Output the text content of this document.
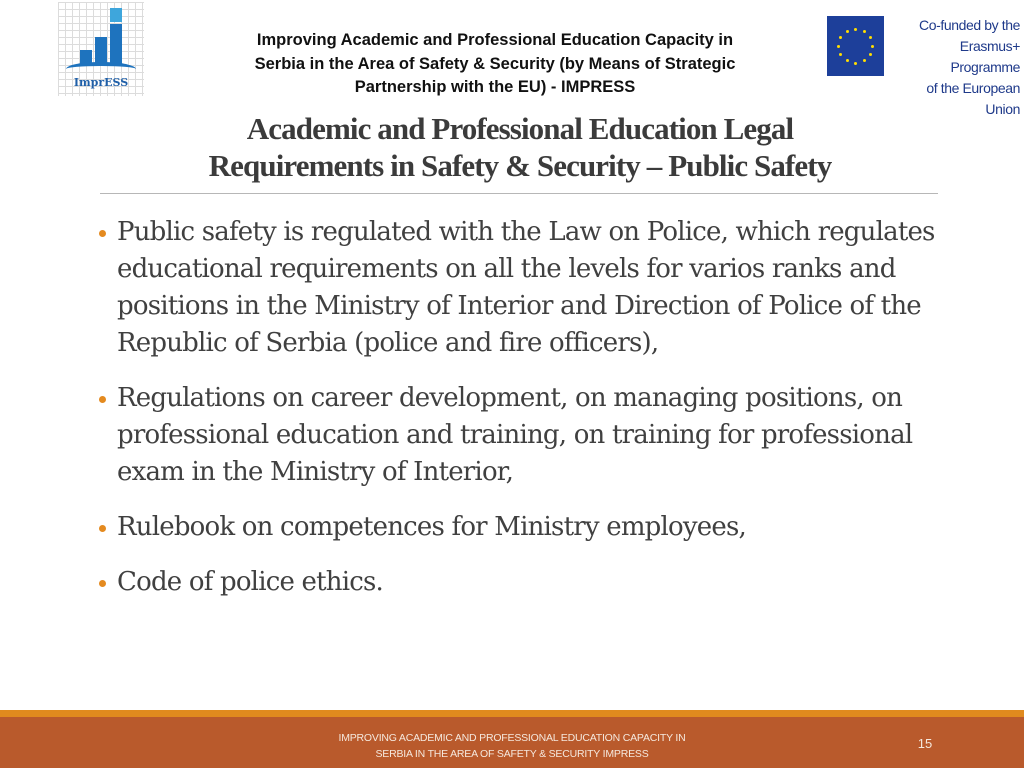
ImprESS
Improving Academic and Professional Education Capacity in
Serbia in the Area of Safety & Security (by Means of Strategic
Partnership with the EU) - IMPRESS
Co-funded by the
Erasmus+ Programme
of the European Union
Academic and Professional Education Legal
Requirements in Safety & Security – Public Safety
Public safety is regulated with the Law on Police, which regulates educational requirements on all the levels for varios ranks and positions in the Ministry of Interior and Direction of Police of the Republic of Serbia (police and fire officers),
Regulations on career development, on managing positions, on professional education and training, on training for professional exam in the Ministry of Interior,
Rulebook on competences for Ministry employees,
Code of police ethics.
IMPROVING ACADEMIC AND PROFESSIONAL EDUCATION CAPACITY IN
SERBIA IN THE AREA OF SAFETY & SECURITY IMPRESS
15
